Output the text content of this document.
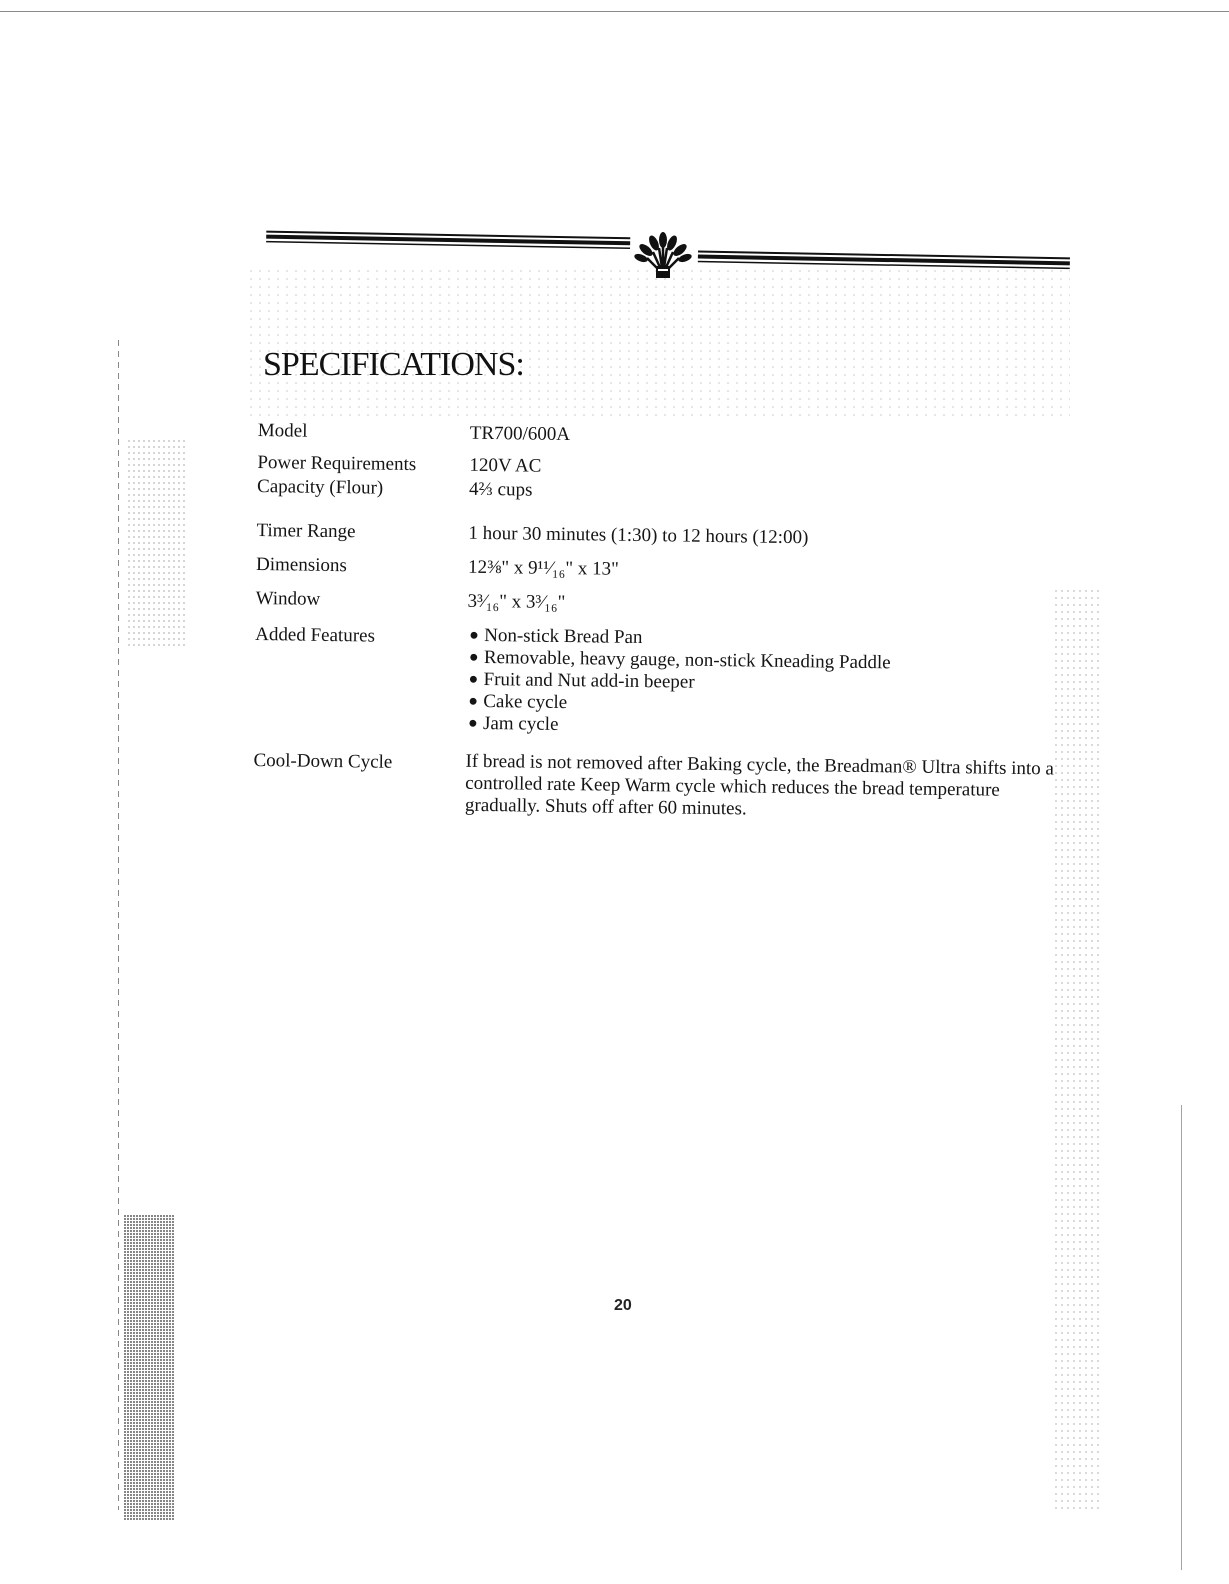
SPECIFICATIONS:
Model	TR700/600A
Power Requirements	120V AC
Capacity (Flour)	4⅔ cups
Timer Range	1 hour 30 minutes (1:30) to 12 hours (12:00)
Dimensions	12⅜" x 9¹¹⁄₁₆" x 13"
Window	3³⁄₁₆" x 3³⁄₁₆"
Added Features	● Non-stick Bread Pan
● Removable, heavy gauge, non-stick Kneading Paddle
● Fruit and Nut add-in beeper
● Cake cycle
● Jam cycle
Cool-Down Cycle	If bread is not removed after Baking cycle, the Breadman® Ultra shifts into a controlled rate Keep Warm cycle which reduces the bread temperature gradually. Shuts off after 60 minutes.
20
